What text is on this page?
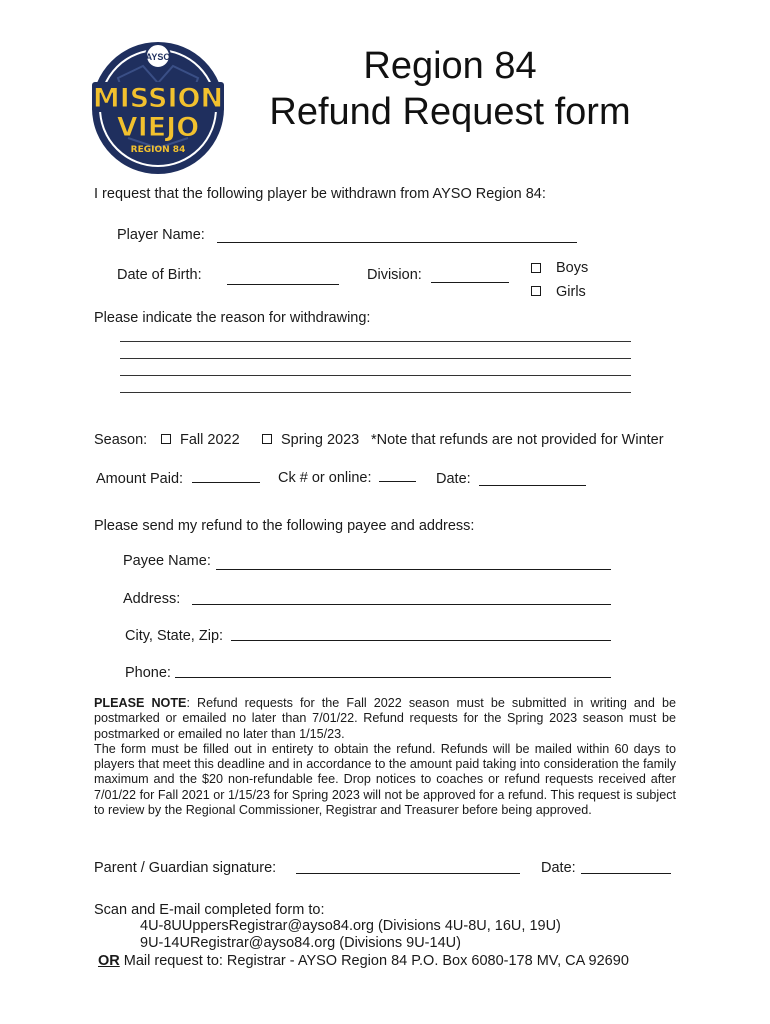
AYSO
MISSION
VIEJO
REGION 84
Region 84
Refund Request form
I request that the following player be withdrawn from AYSO Region 84:
Player Name:
Date of Birth:	Division:	Boys
Girls
Please indicate the reason for withdrawing:
Season: Fall 2022	Spring 2023 *Note that refunds are not provided for Winter
Amount Paid:	Ck # or online:	Date:
Please send my refund to the following payee and address:
Payee Name:
Address:
City, State, Zip:
Phone:

PLEASE NOTE: Refund requests for the Fall 2022 season must be submitted in writing and be postmarked or emailed no later than 7/01/22. Refund requests for the Spring 2023 season must be postmarked or emailed no later than 1/15/23.

The form must be filled out in entirety to obtain the refund. Refunds will be mailed within 60 days to players that meet this deadline and in accordance to the amount paid taking into consideration the family maximum and the $20 non-refundable fee. Drop notices to coaches or refund requests received after 7/01/22 for Fall 2021 or 1/15/23 for Spring 2023 will not be approved for a refund. This request is subject to review by the Regional Commissioner, Registrar and Treasurer before being approved.

Parent / Guardian signature:	Date:
Scan and E-mail completed form to:
4U-8UUppersRegistrar@ayso84.org (Divisions 4U-8U, 16U, 19U)
9U-14URegistrar@ayso84.org (Divisions 9U-14U)
OR Mail request to: Registrar - AYSO Region 84 P.O. Box 6080-178 MV, CA 92690
